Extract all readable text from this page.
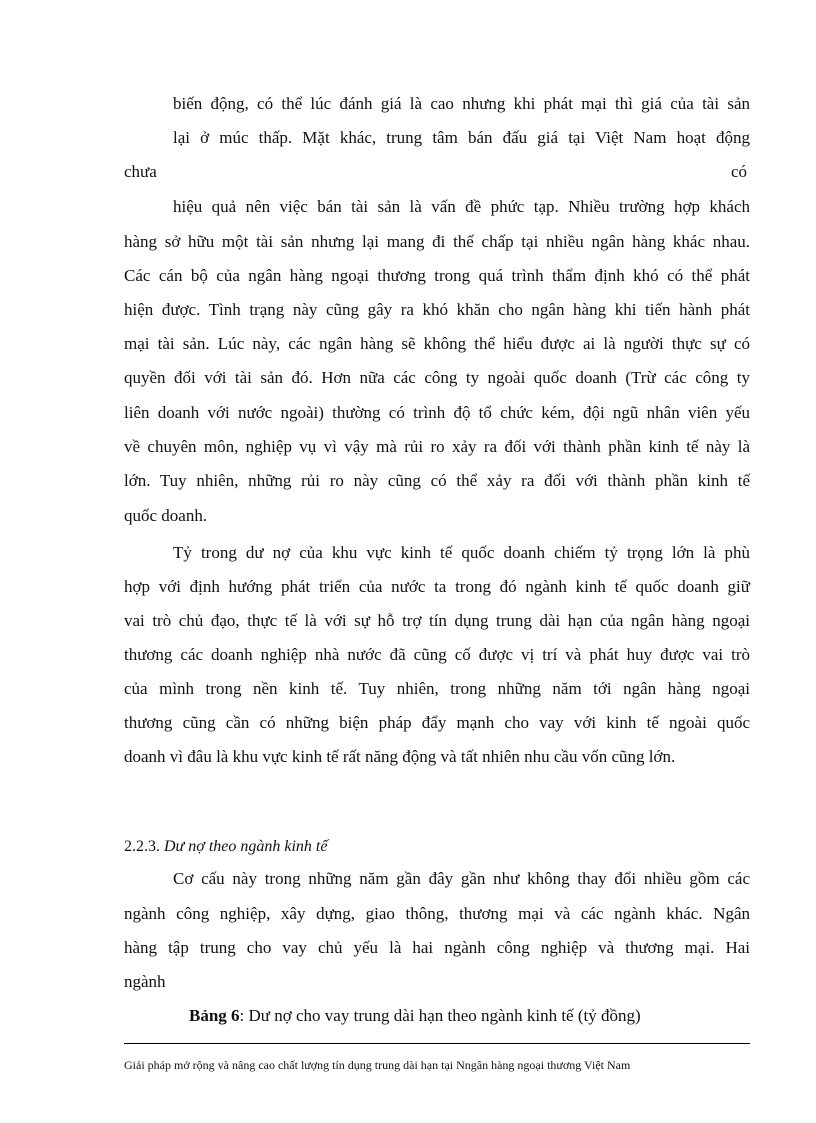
biến động, có thể lúc đánh giá là cao nhưng khi phát mại thì giá của tài sản
lại ở múc thấp. Mặt khác, trung tâm bán đấu giá tại Việt Nam hoạt động
chưa	có
hiệu quả nên việc bán tài sản là vấn đề phức tạp. Nhiều trường hợp khách
hàng sở hữu một tài sản nhưng lại mang đi thế chấp tại nhiều ngân hàng khác nhau.
Các cán bộ của ngân hàng ngoại thương trong quá trình thẩm định khó có thể phát
hiện được. Tình trạng này cũng gây ra khó khăn cho ngân hàng khi tiến hành phát
mại tài sản. Lúc này, các ngân hàng sẽ không thể hiểu được ai là người thực sự có
quyền đối với tài sản đó. Hơn nữa các công ty ngoài quốc doanh (Trừ các công ty
liên doanh với nước ngoài) thường có trình độ tổ chức kém, đội ngũ nhân viên yếu
về chuyên môn, nghiệp vụ vì vậy mà rủi ro xảy ra đối với thành phần kinh tế này là
lớn. Tuy nhiên, những rủi ro này cũng có thể xảy ra đối với thành phần kinh tế
quốc doanh.
Tỷ trong dư nợ của khu vực kinh tế quốc doanh chiếm tỷ trọng lớn là phù
hợp với định hướng phát triển của nước ta trong đó ngành kinh tế quốc doanh giữ
vai trò chủ đạo, thực tế là với sự hỗ trợ tín dụng trung dài hạn của ngân hàng ngoại
thương các doanh nghiệp nhà nước đã cũng cố được vị trí và phát huy được vai trò
của mình trong nền kinh tế. Tuy nhiên, trong những năm tới ngân hàng ngoại
thương cũng cần có những biện pháp đẩy mạnh cho vay với kinh tế ngoài quốc
doanh vì đâu là khu vực kinh tế rất năng động và tất nhiên nhu cầu vốn cũng lớn.
2.2.3. Dư nợ theo ngành kinh tế
Cơ cấu này trong những năm gần đây gần như không thay đổi nhiều gồm các
ngành công nghiệp, xây dựng, giao thông, thương mại và các ngành khác. Ngân
hàng tập trung cho vay chủ yếu là hai ngành công nghiệp và thương mại. Hai
ngành
Bảng 6: Dư nợ cho vay trung dài hạn theo ngành kinh tế (tỷ đồng)
Giải pháp mở rộng và nâng cao chất lượng tín dụng trung dài hạn tại Nngân hàng ngoại thương Việt Nam
